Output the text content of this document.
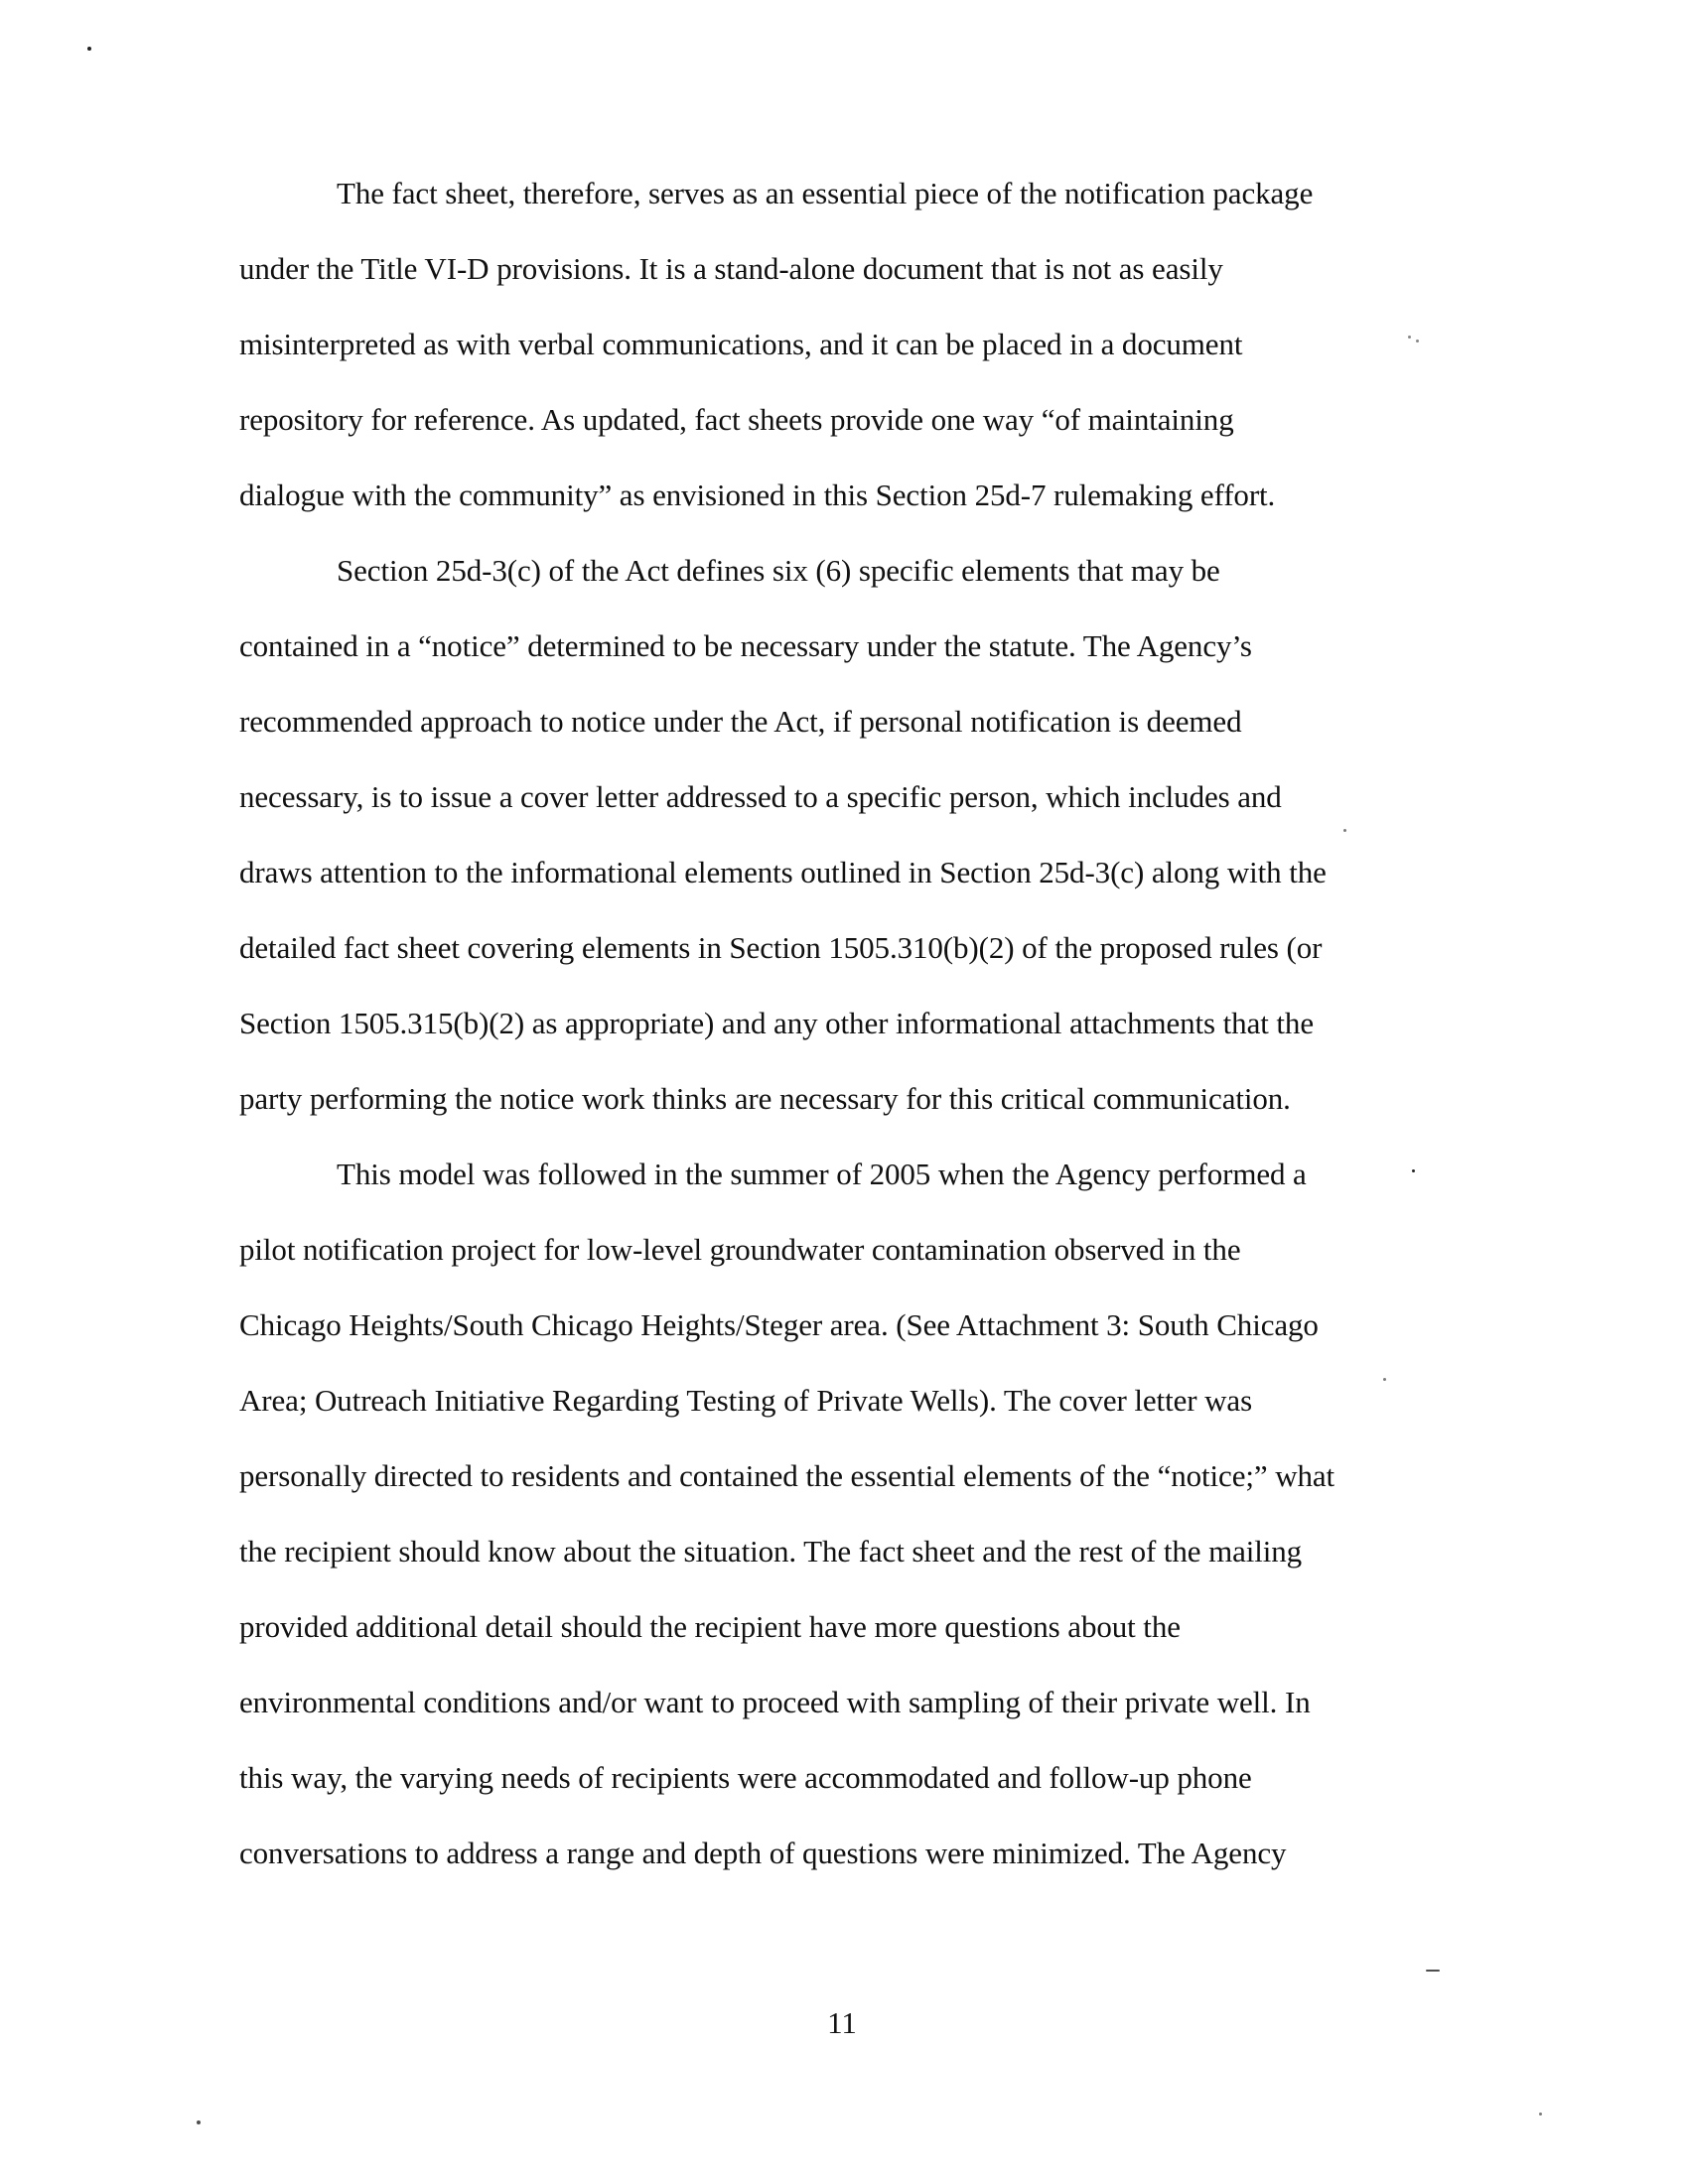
The fact sheet, therefore, serves as an essential piece of the notification package
under the Title VI-D provisions. It is a stand-alone document that is not as easily
misinterpreted as with verbal communications, and it can be placed in a document
repository for reference. As updated, fact sheets provide one way “of maintaining
dialogue with the community” as envisioned in this Section 25d-7 rulemaking effort.
Section 25d-3(c) of the Act defines six (6) specific elements that may be
contained in a “notice” determined to be necessary under the statute. The Agency’s
recommended approach to notice under the Act, if personal notification is deemed
necessary, is to issue a cover letter addressed to a specific person, which includes and
draws attention to the informational elements outlined in Section 25d-3(c) along with the
detailed fact sheet covering elements in Section 1505.310(b)(2) of the proposed rules (or
Section 1505.315(b)(2) as appropriate) and any other informational attachments that the
party performing the notice work thinks are necessary for this critical communication.
This model was followed in the summer of 2005 when the Agency performed a
pilot notification project for low-level groundwater contamination observed in the
Chicago Heights/South Chicago Heights/Steger area. (See Attachment 3: South Chicago
Area; Outreach Initiative Regarding Testing of Private Wells). The cover letter was
personally directed to residents and contained the essential elements of the “notice;” what
the recipient should know about the situation. The fact sheet and the rest of the mailing
provided additional detail should the recipient have more questions about the
environmental conditions and/or want to proceed with sampling of their private well. In
this way, the varying needs of recipients were accommodated and follow-up phone
conversations to address a range and depth of questions were minimized. The Agency
11
